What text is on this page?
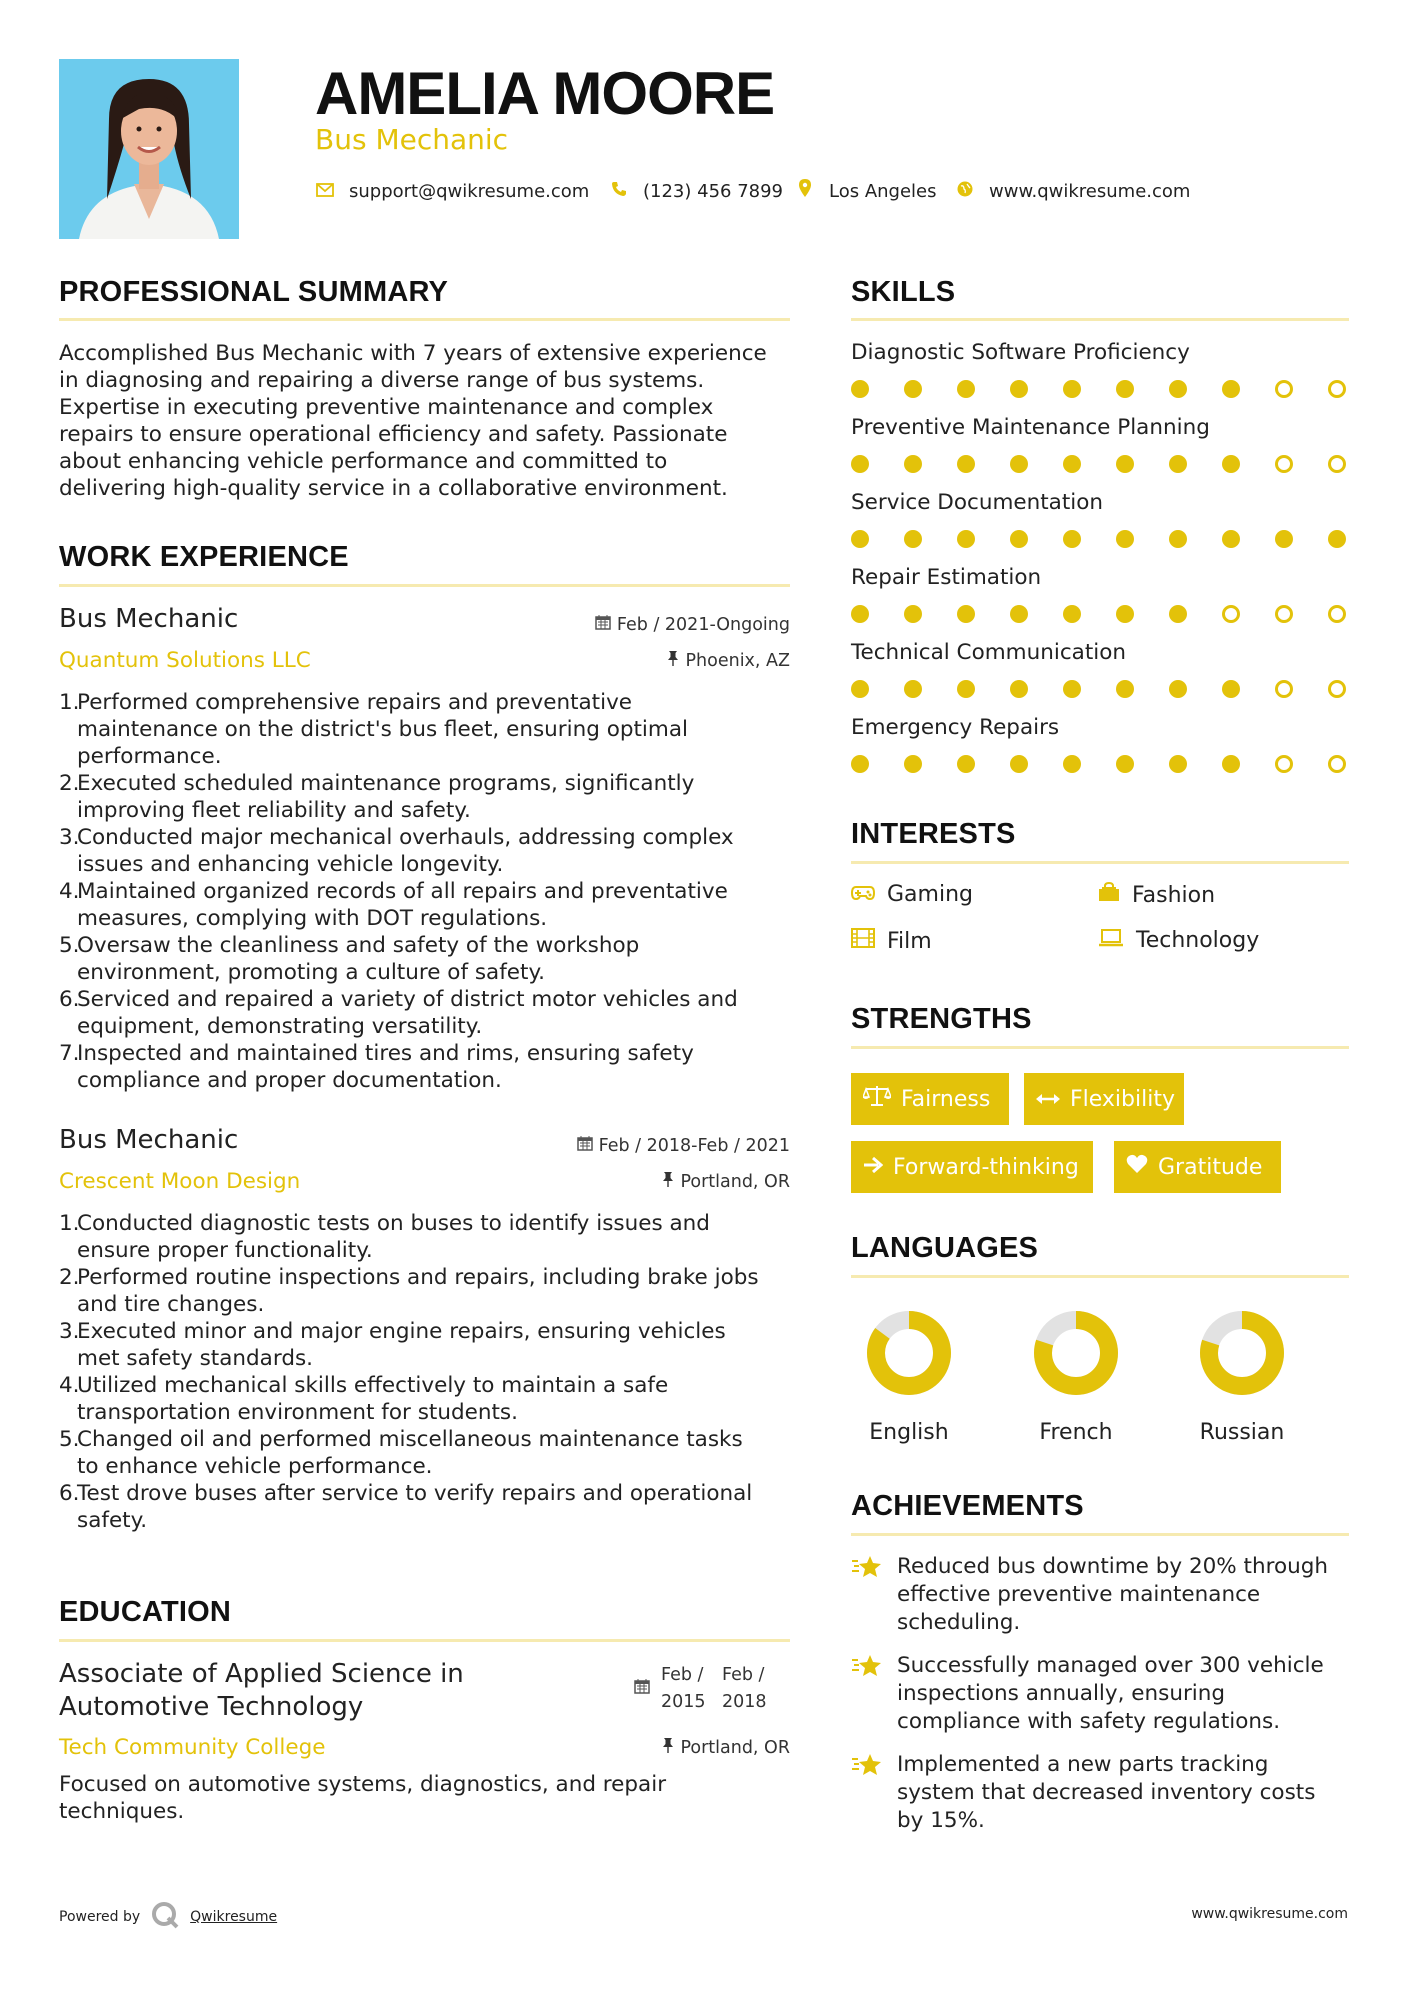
AMELIA MOORE
Bus Mechanic
support@qwikresume.com	(123) 456 7899	Los Angeles	www.qwikresume.com
PROFESSIONAL SUMMARY
Accomplished Bus Mechanic with 7 years of extensive experience
in diagnosing and repairing a diverse range of bus systems.
Expertise in executing preventive maintenance and complex
repairs to ensure operational efficiency and safety. Passionate
about enhancing vehicle performance and committed to
delivering high-quality service in a collaborative environment.
WORK EXPERIENCE
Bus Mechanic	Feb / 2021-Ongoing
Quantum Solutions LLC	Phoenix, AZ
1.
Performed comprehensive repairs and preventative
maintenance on the district's bus fleet, ensuring optimal
performance.
2.
Executed scheduled maintenance programs, significantly
improving fleet reliability and safety.
3.
Conducted major mechanical overhauls, addressing complex
issues and enhancing vehicle longevity.
4.
Maintained organized records of all repairs and preventative
measures, complying with DOT regulations.
5.
Oversaw the cleanliness and safety of the workshop
environment, promoting a culture of safety.
6.
Serviced and repaired a variety of district motor vehicles and
equipment, demonstrating versatility.
7.
Inspected and maintained tires and rims, ensuring safety
compliance and proper documentation.
Bus Mechanic	Feb / 2018-Feb / 2021
Crescent Moon Design	Portland, OR
1.
Conducted diagnostic tests on buses to identify issues and
ensure proper functionality.
2.
Performed routine inspections and repairs, including brake jobs
and tire changes.
3.
Executed minor and major engine repairs, ensuring vehicles
met safety standards.
4.
Utilized mechanical skills effectively to maintain a safe
transportation environment for students.
5.
Changed oil and performed miscellaneous maintenance tasks
to enhance vehicle performance.
6.
Test drove buses after service to verify repairs and operational
safety.
EDUCATION
Associate of Applied Science in
Automotive Technology
Feb /
2015
Feb /
2018
Tech Community College	Portland, OR
Focused on automotive systems, diagnostics, and repair
techniques.
SKILLS
Diagnostic Software Proficiency
Preventive Maintenance Planning
Service Documentation
Repair Estimation
Technical Communication
Emergency Repairs
INTERESTS
Gaming	Fashion
Film	Technology
STRENGTHS
Fairness	Flexibility
Forward-thinking	Gratitude
LANGUAGES
English	French	Russian
ACHIEVEMENTS
Reduced bus downtime by 20% through
effective preventive maintenance
scheduling.
Successfully managed over 300 vehicle
inspections annually, ensuring
compliance with safety regulations.
Implemented a new parts tracking
system that decreased inventory costs
by 15%.
Powered by	Qwikresume	www.qwikresume.com
